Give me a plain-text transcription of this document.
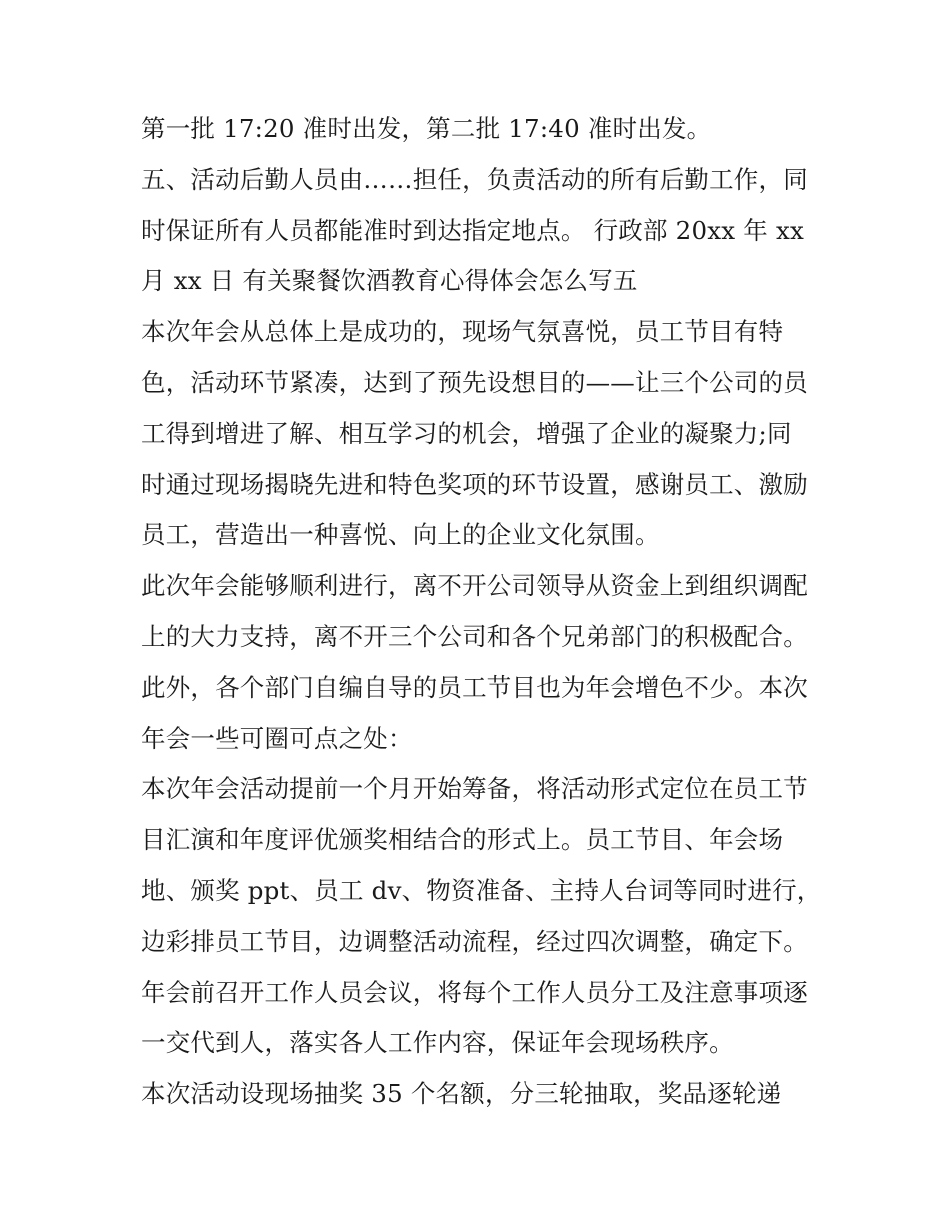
第一批 17:20 准时出发，第二批 17:40 准时出发。
五、活动后勤人员由……担任，负责活动的所有后勤工作，同
时保证所有人员都能准时到达指定地点。 行政部 20xx 年 xx
月 xx 日 有关聚餐饮酒教育心得体会怎么写五
本次年会从总体上是成功的，现场气氛喜悦，员工节目有特
色，活动环节紧凑，达到了预先设想目的——让三个公司的员
工得到增进了解、相互学习的机会，增强了企业的凝聚力;同
时通过现场揭晓先进和特色奖项的环节设置，感谢员工、激励
员工，营造出一种喜悦、向上的企业文化氛围。
此次年会能够顺利进行，离不开公司领导从资金上到组织调配
上的大力支持，离不开三个公司和各个兄弟部门的积极配合。
此外，各个部门自编自导的员工节目也为年会增色不少。本次
年会一些可圈可点之处：
本次年会活动提前一个月开始筹备，将活动形式定位在员工节
目汇演和年度评优颁奖相结合的形式上。员工节目、年会场
地、颁奖 ppt、员工 dv、物资准备、主持人台词等同时进行，
边彩排员工节目，边调整活动流程，经过四次调整，确定下。
年会前召开工作人员会议，将每个工作人员分工及注意事项逐
一交代到人，落实各人工作内容，保证年会现场秩序。
本次活动设现场抽奖 35 个名额，分三轮抽取，奖品逐轮递
